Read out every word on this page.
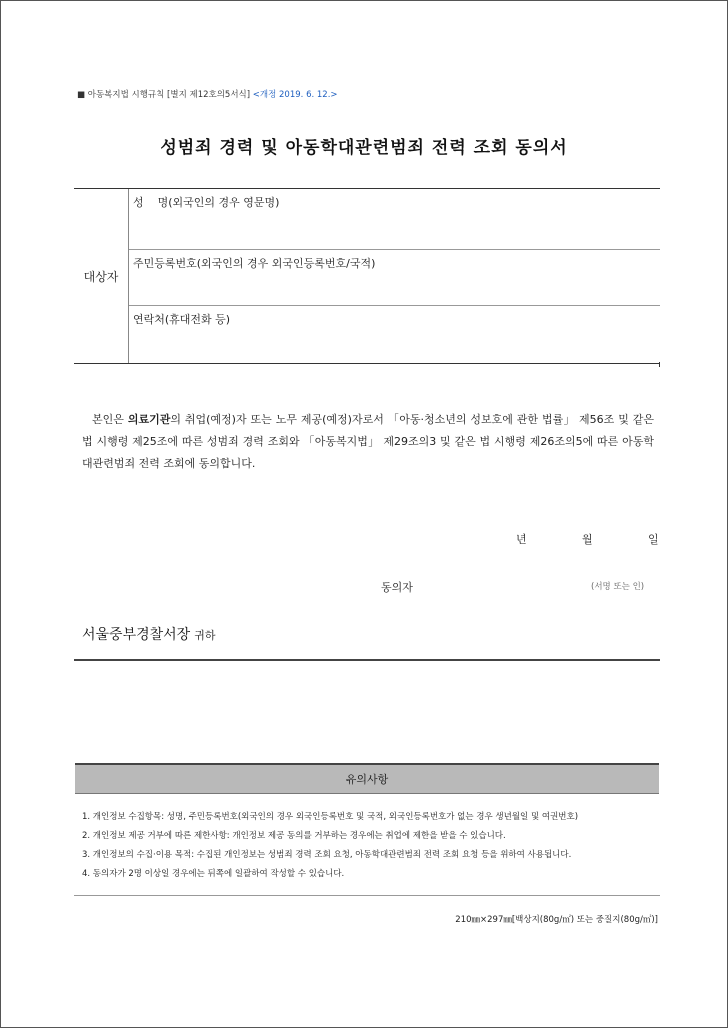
■ 아동복지법 시행규칙 [별지 제12호의5서식] <개정 2019. 6. 12.>
성범죄 경력 및 아동학대관련범죄 전력 조회 동의서
대상자
성    명(외국인의 경우 영문명)
주민등록번호(외국인의 경우 외국인등록번호/국적)
연락처(휴대전화 등)
본인은 의료기관의 취업(예정)자 또는 노무 제공(예정)자로서 「아동·청소년의 성보호에 관한 법률」 제56조 및 같은 법 시행령 제25조에 따른 성범죄 경력 조회와 「아동복지법」 제29조의3 및 같은 법 시행령 제26조의5에 따른 아동학대관련범죄 전력 조회에 동의합니다.
년	월	일
동의자	(서명 또는 인)
서울중부경찰서장 귀하
유의사항
1. 개인정보 수집항목: 성명, 주민등록번호(외국인의 경우 외국인등록번호 및 국적, 외국인등록번호가 없는 경우 생년월일 및 여권번호)
2. 개인정보 제공 거부에 따른 제한사항: 개인정보 제공 동의를 거부하는 경우에는 취업에 제한을 받을 수 있습니다.
3. 개인정보의 수집·이용 목적: 수집된 개인정보는 성범죄 경력 조회 요청, 아동학대관련범죄 전력 조회 요청 등을 위하여 사용됩니다.
4. 동의자가 2명 이상일 경우에는 뒤쪽에 일괄하여 작성할 수 있습니다.
210㎜×297㎜[백상지(80g/㎡) 또는 중질지(80g/㎡)]
